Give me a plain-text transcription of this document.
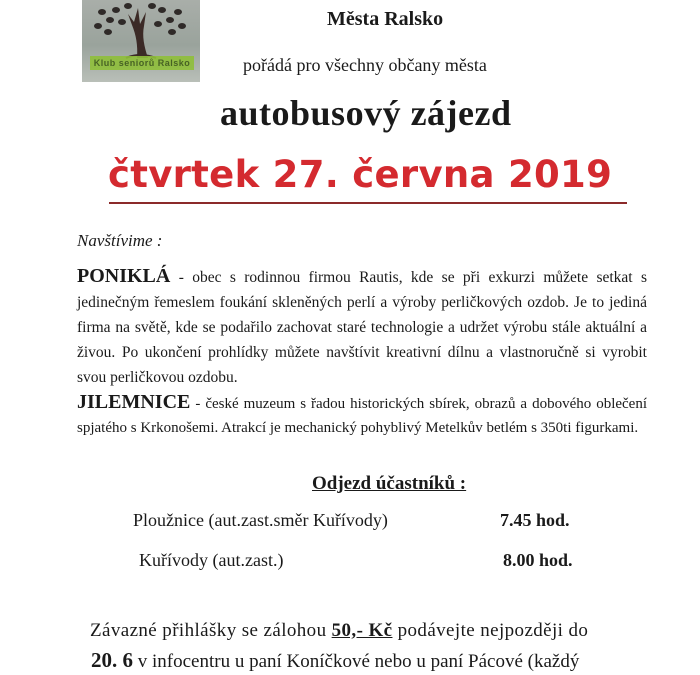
Klub seniorů Ralsko
Města Ralsko
pořádá pro všechny občany města
autobusový zájezd
čtvrtek 27. června 2019
Navštívime :
PONIKLÁ - obec s rodinnou firmou Rautis, kde se při exkurzi můžete setkat s jedinečným řemeslem foukání skleněných perlí a výroby perličkových ozdob. Je to jediná firma na světě, kde se podařilo zachovat staré technologie a udržet výrobu stále aktuální a živou. Po ukončení prohlídky můžete navštívit kreativní dílnu a vlastnoručně si vyrobit svou perličkovou ozdobu.
JILEMNICE - české muzeum s řadou historických sbírek, obrazů a dobového oblečení spjatého s Krkonošemi. Atrakcí je mechanický pohyblivý Metelkův betlém s 350ti figurkami.
Odjezd účastníků :
Ploužnice (aut.zast.směr Kuřívody)	7.45 hod.
Kuřívody (aut.zast.)	8.00 hod.
Závazné přihlášky se zálohou 50,- Kč podávejte nejpozději do
20. 6 v infocentru u paní Koníčkové nebo u paní Pácové (každý
